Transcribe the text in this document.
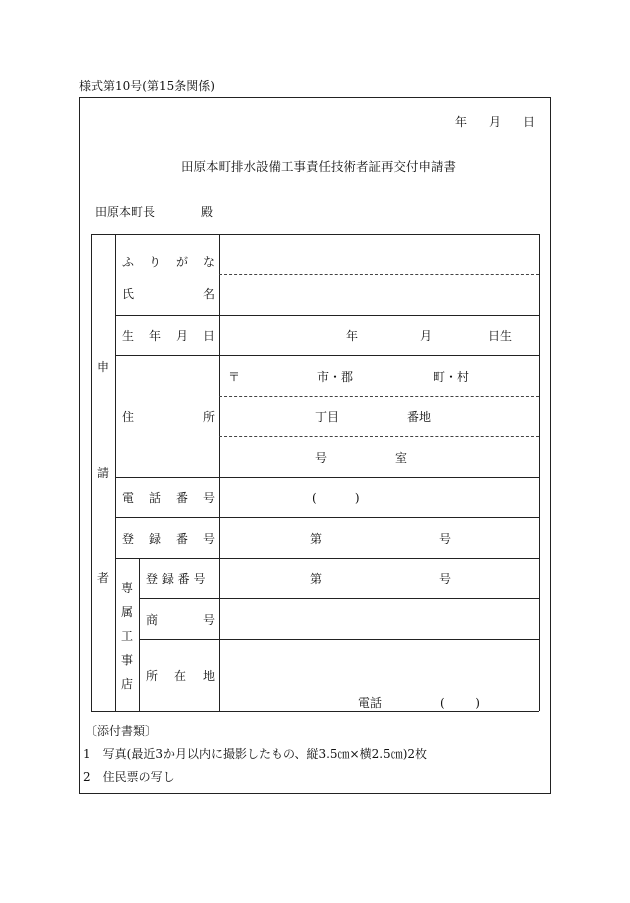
様式第10号(第15条関係)
年 月 日
田原本町排水設備工事責任技術者証再交付申請書
田原本町長	殿
申
請
者
ふ り が な
氏	名
生 年 月 日	年	月	日生
住	所
〒	市・郡	町・村
丁目	番地
号	室
電 話 番 号	(          )
登 録 番 号	第	号
専
属
工
事
店
登 録 番 号	第	号
商	号
所 在 地
電話	(        )
〔添付書類〕
1　写真(最近3か月以内に撮影したもの、縦3.5㎝×横2.5㎝)2枚
2　住民票の写し
